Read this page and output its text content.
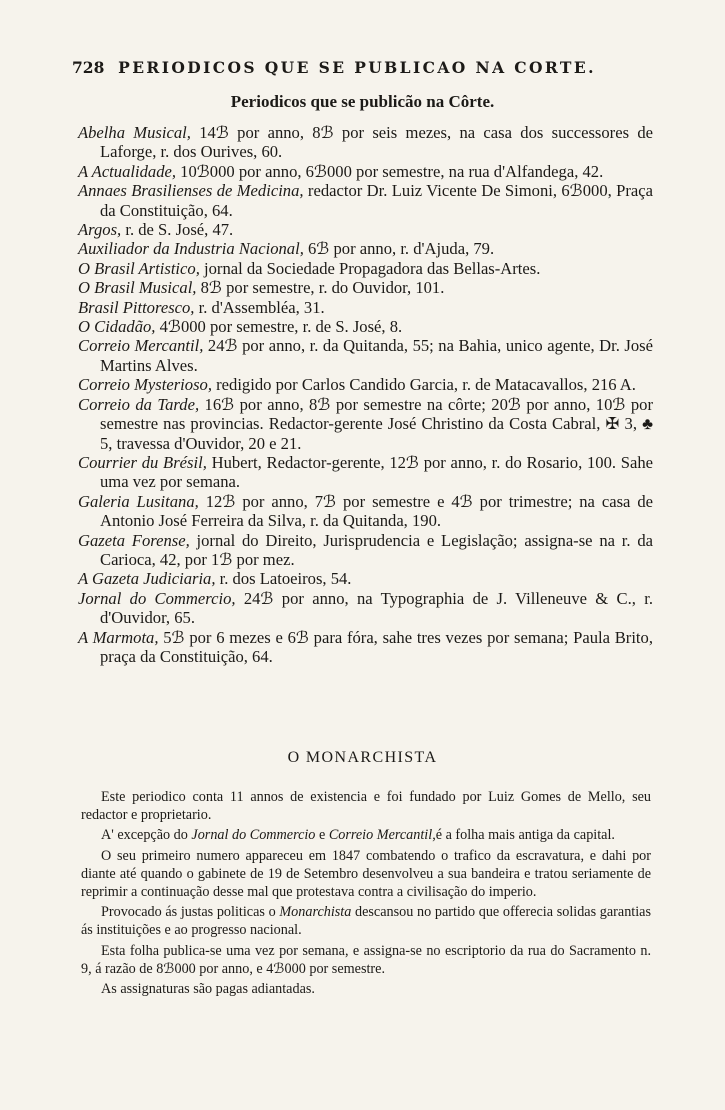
728 PERIODICOS QUE SE PUBLICAO NA CORTE.
Periodicos que se publicão na Côrte.
Abelha Musical, 14ℬ por anno, 8ℬ por seis mezes, na casa dos successores de Laforge, r. dos Ourives, 60.
A Actualidade, 10ℬ000 por anno, 6ℬ000 por semestre, na rua d'Alfandega, 42.
Annaes Brasilienses de Medicina, redactor Dr. Luiz Vicente De Simoni, 6ℬ000, Praça da Constituição, 64.
Argos, r. de S. José, 47.
Auxiliador da Industria Nacional, 6ℬ por anno, r. d'Ajuda, 79.
O Brasil Artistico, jornal da Sociedade Propagadora das Bellas-Artes.
O Brasil Musical, 8ℬ por semestre, r. do Ouvidor, 101.
Brasil Pittoresco, r. d'Assembléa, 31.
O Cidadão, 4ℬ000 por semestre, r. de S. José, 8.
Correio Mercantil, 24ℬ por anno, r. da Quitanda, 55; na Bahia, unico agente, Dr. José Martins Alves.
Correio Mysterioso, redigido por Carlos Candido Garcia, r. de Matacavallos, 216 A.
Correio da Tarde, 16ℬ por anno, 8ℬ por semestre na côrte; 20ℬ por anno, 10ℬ por semestre nas provincias. Redactor-gerente José Christino da Costa Cabral, ✠ 3, ♣ 5, travessa d'Ouvidor, 20 e 21.
Courrier du Brésil, Hubert, Redactor-gerente, 12ℬ por anno, r. do Rosario, 100. Sahe uma vez por semana.
Galeria Lusitana, 12ℬ por anno, 7ℬ por semestre e 4ℬ por trimestre; na casa de Antonio José Ferreira da Silva, r. da Quitanda, 190.
Gazeta Forense, jornal do Direito, Jurisprudencia e Legislação; assigna-se na r. da Carioca, 42, por 1ℬ por mez.
A Gazeta Judiciaria, r. dos Latoeiros, 54.
Jornal do Commercio, 24ℬ por anno, na Typographia de J. Villeneuve & C., r. d'Ouvidor, 65.
A Marmota, 5ℬ por 6 mezes e 6ℬ para fóra, sahe tres vezes por semana; Paula Brito, praça da Constituição, 64.
O MONARCHISTA

Este periodico conta 11 annos de existencia e foi fundado por Luiz Gomes de Mello, seu redactor e proprietario.

A' excepção do Jornal do Commercio e Correio Mercantil,é a folha mais antiga da capital.

O seu primeiro numero appareceu em 1847 combatendo o trafico da escravatura, e dahi por diante até quando o gabinete de 19 de Setembro desenvolveu a sua bandeira e tratou seriamente de reprimir a continuação desse mal que protestava contra a civilisação do imperio.

Provocado ás justas politicas o Monarchista descansou no partido que offerecia solidas garantias ás instituições e ao progresso nacional.

Esta folha publica-se uma vez por semana, e assigna-se no escriptorio da rua do Sacramento n. 9, á razão de 8ℬ000 por anno, e 4ℬ000 por semestre.

As assignaturas são pagas adiantadas.
